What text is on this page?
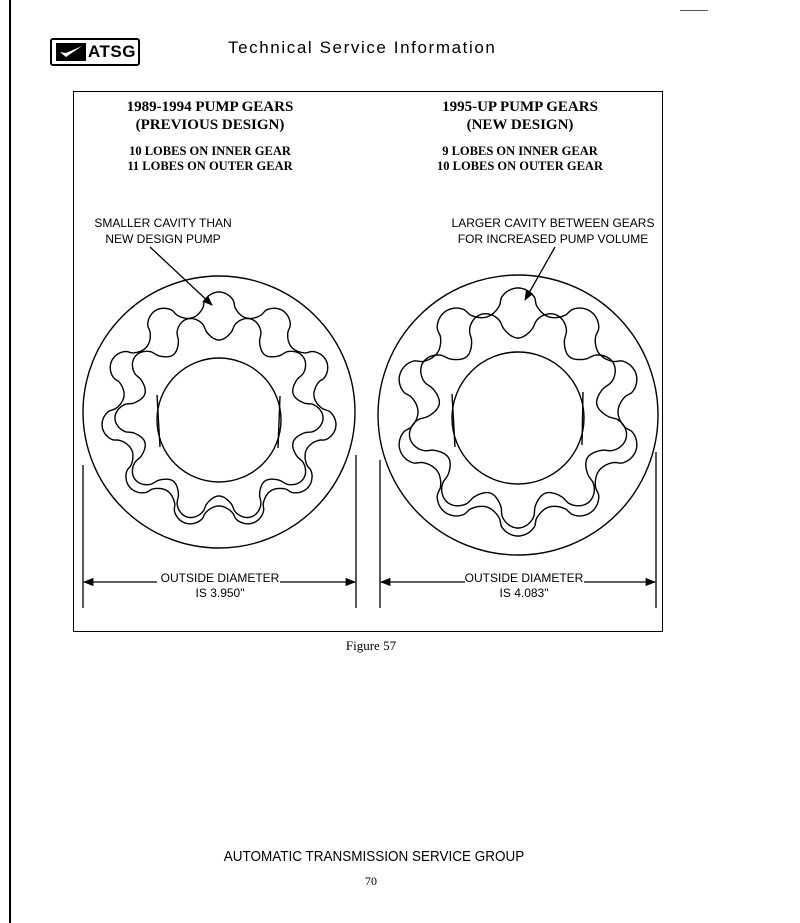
ATSG	Technical Service Information
1989-1994 PUMP GEARS
(PREVIOUS DESIGN)
10 LOBES ON INNER GEAR
11 LOBES ON OUTER GEAR
1995-UP PUMP GEARS
(NEW DESIGN)
9 LOBES ON INNER GEAR
10 LOBES ON OUTER GEAR
SMALLER CAVITY THAN
NEW DESIGN PUMP
LARGER CAVITY BETWEEN GEARS
FOR INCREASED PUMP VOLUME
OUTSIDE DIAMETER
IS 3.950"
OUTSIDE DIAMETER
IS 4.083"
Figure 57
AUTOMATIC TRANSMISSION SERVICE GROUP
70
